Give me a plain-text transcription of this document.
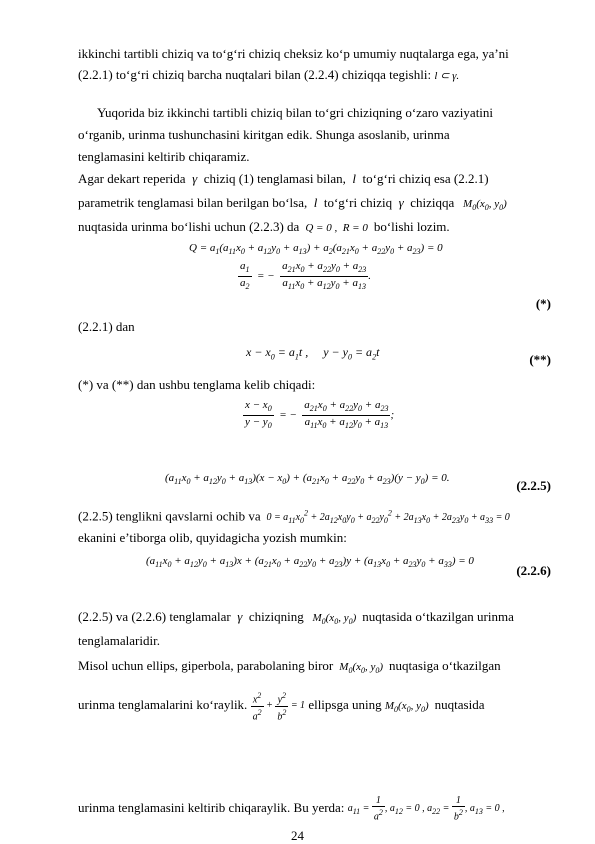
ikkinchi tartibli chiziq va to‘g‘ri chiziq cheksiz ko‘p umumiy nuqtalarga ega, ya’ni
(2.2.1) to‘g‘ri chiziq barcha nuqtalari bilan (2.2.4) chiziqqa tegishli: l ⊂ γ.
Yuqorida biz ikkinchi tartibli chiziq bilan to‘gri chiziqning o‘zaro vaziyatini
o‘rganib, urinma tushunchasini kiritgan edik. Shunga asoslanib, urinma
tenglamasini keltirib chiqaramiz.
Agar dekart reperida  γ  chiziq (1) tenglamasi bilan,  l  to‘g‘ri chiziq esa (2.2.1)
parametrik tenglamasi bilan berilgan bo‘lsa,  l  to‘g‘ri chiziq  γ  chiziqqa   $M_0(x_0$, $y_0$)
nuqtasida urinma bo‘lishi uchun (2.2.3) da  Q = 0 ,  R = 0  bo‘lishi lozim.
$Q = a_1(a_{11}x_0 + a_{12}y_0 + a_{13}) + a_2(a_{21}x_0 + a_{22}y_0 + a_{23}) = 0$
$\frac{a_1}{a_2}$ = − $\frac{a_{21}x_0 + a_{22}y_0 + a_{23}}{a_{11}x_0 + a_{12}y_0 + a_{13}}$ .
(*)
(2.2.1) dan
$x - x_0 = a_1t$ ,     $y - y_0 = a_2t$	(**)
(*) va (**) dan ushbu tenglama kelib chiqadi:
$\frac{x - x_0}{y - y_0}$ = − $\frac{a_{21}x_0 + a_{22}y_0 + a_{23}}{a_{11}x_0 + a_{12}y_0 + a_{13}}$ ;
$(a_{11}x_0 + a_{12}y_0 + a_{13})(x - x_0) + (a_{21}x_0 + a_{22}y_0 + a_{23})(y - y_0) = 0$.	(2.2.5)
(2.2.5) tenglikni qavslarni ochib va  $0 = a_{11}x_0^2 + 2a_{12}x_0y_0 + a_{22}y_0^2 + 2a_{13}x_0 + 2a_{23}y_0 + a_{33} = 0$
ekanini e’tiborga olib, quyidagicha yozish mumkin:
$(a_{11}x_0 + a_{12}y_0 + a_{13})x + (a_{21}x_0 + a_{22}y_0 + a_{23})y + (a_{13}x_0 + a_{23}y_0 + a_{33}) = 0$
(2.2.6)
(2.2.5) va (2.2.6) tenglamalar  γ  chiziqning   $M_0(x_0$, $y_0$)  nuqtasida o‘tkazilgan urinma
tenglamalaridir.
Misol uchun ellips, giperbola, parabolaning biror  $M_0(x_0$, $y_0$)  nuqtasiga o‘tkazilgan
urinma tenglamalarini ko‘raylik. $\frac{x^2}{a^2} + \frac{y^2}{b^2} = 1$ ellipsga uning $M_0(x_0$, $y_0$)  nuqtasida
urinma tenglamasini keltirib chiqaraylik. Bu yerda: $a_{11} = \frac{1}{a^2}$ , $a_{12} = 0$ , $a_{22} = \frac{1}{b^2}$ , $a_{13} = 0$ ,
24
